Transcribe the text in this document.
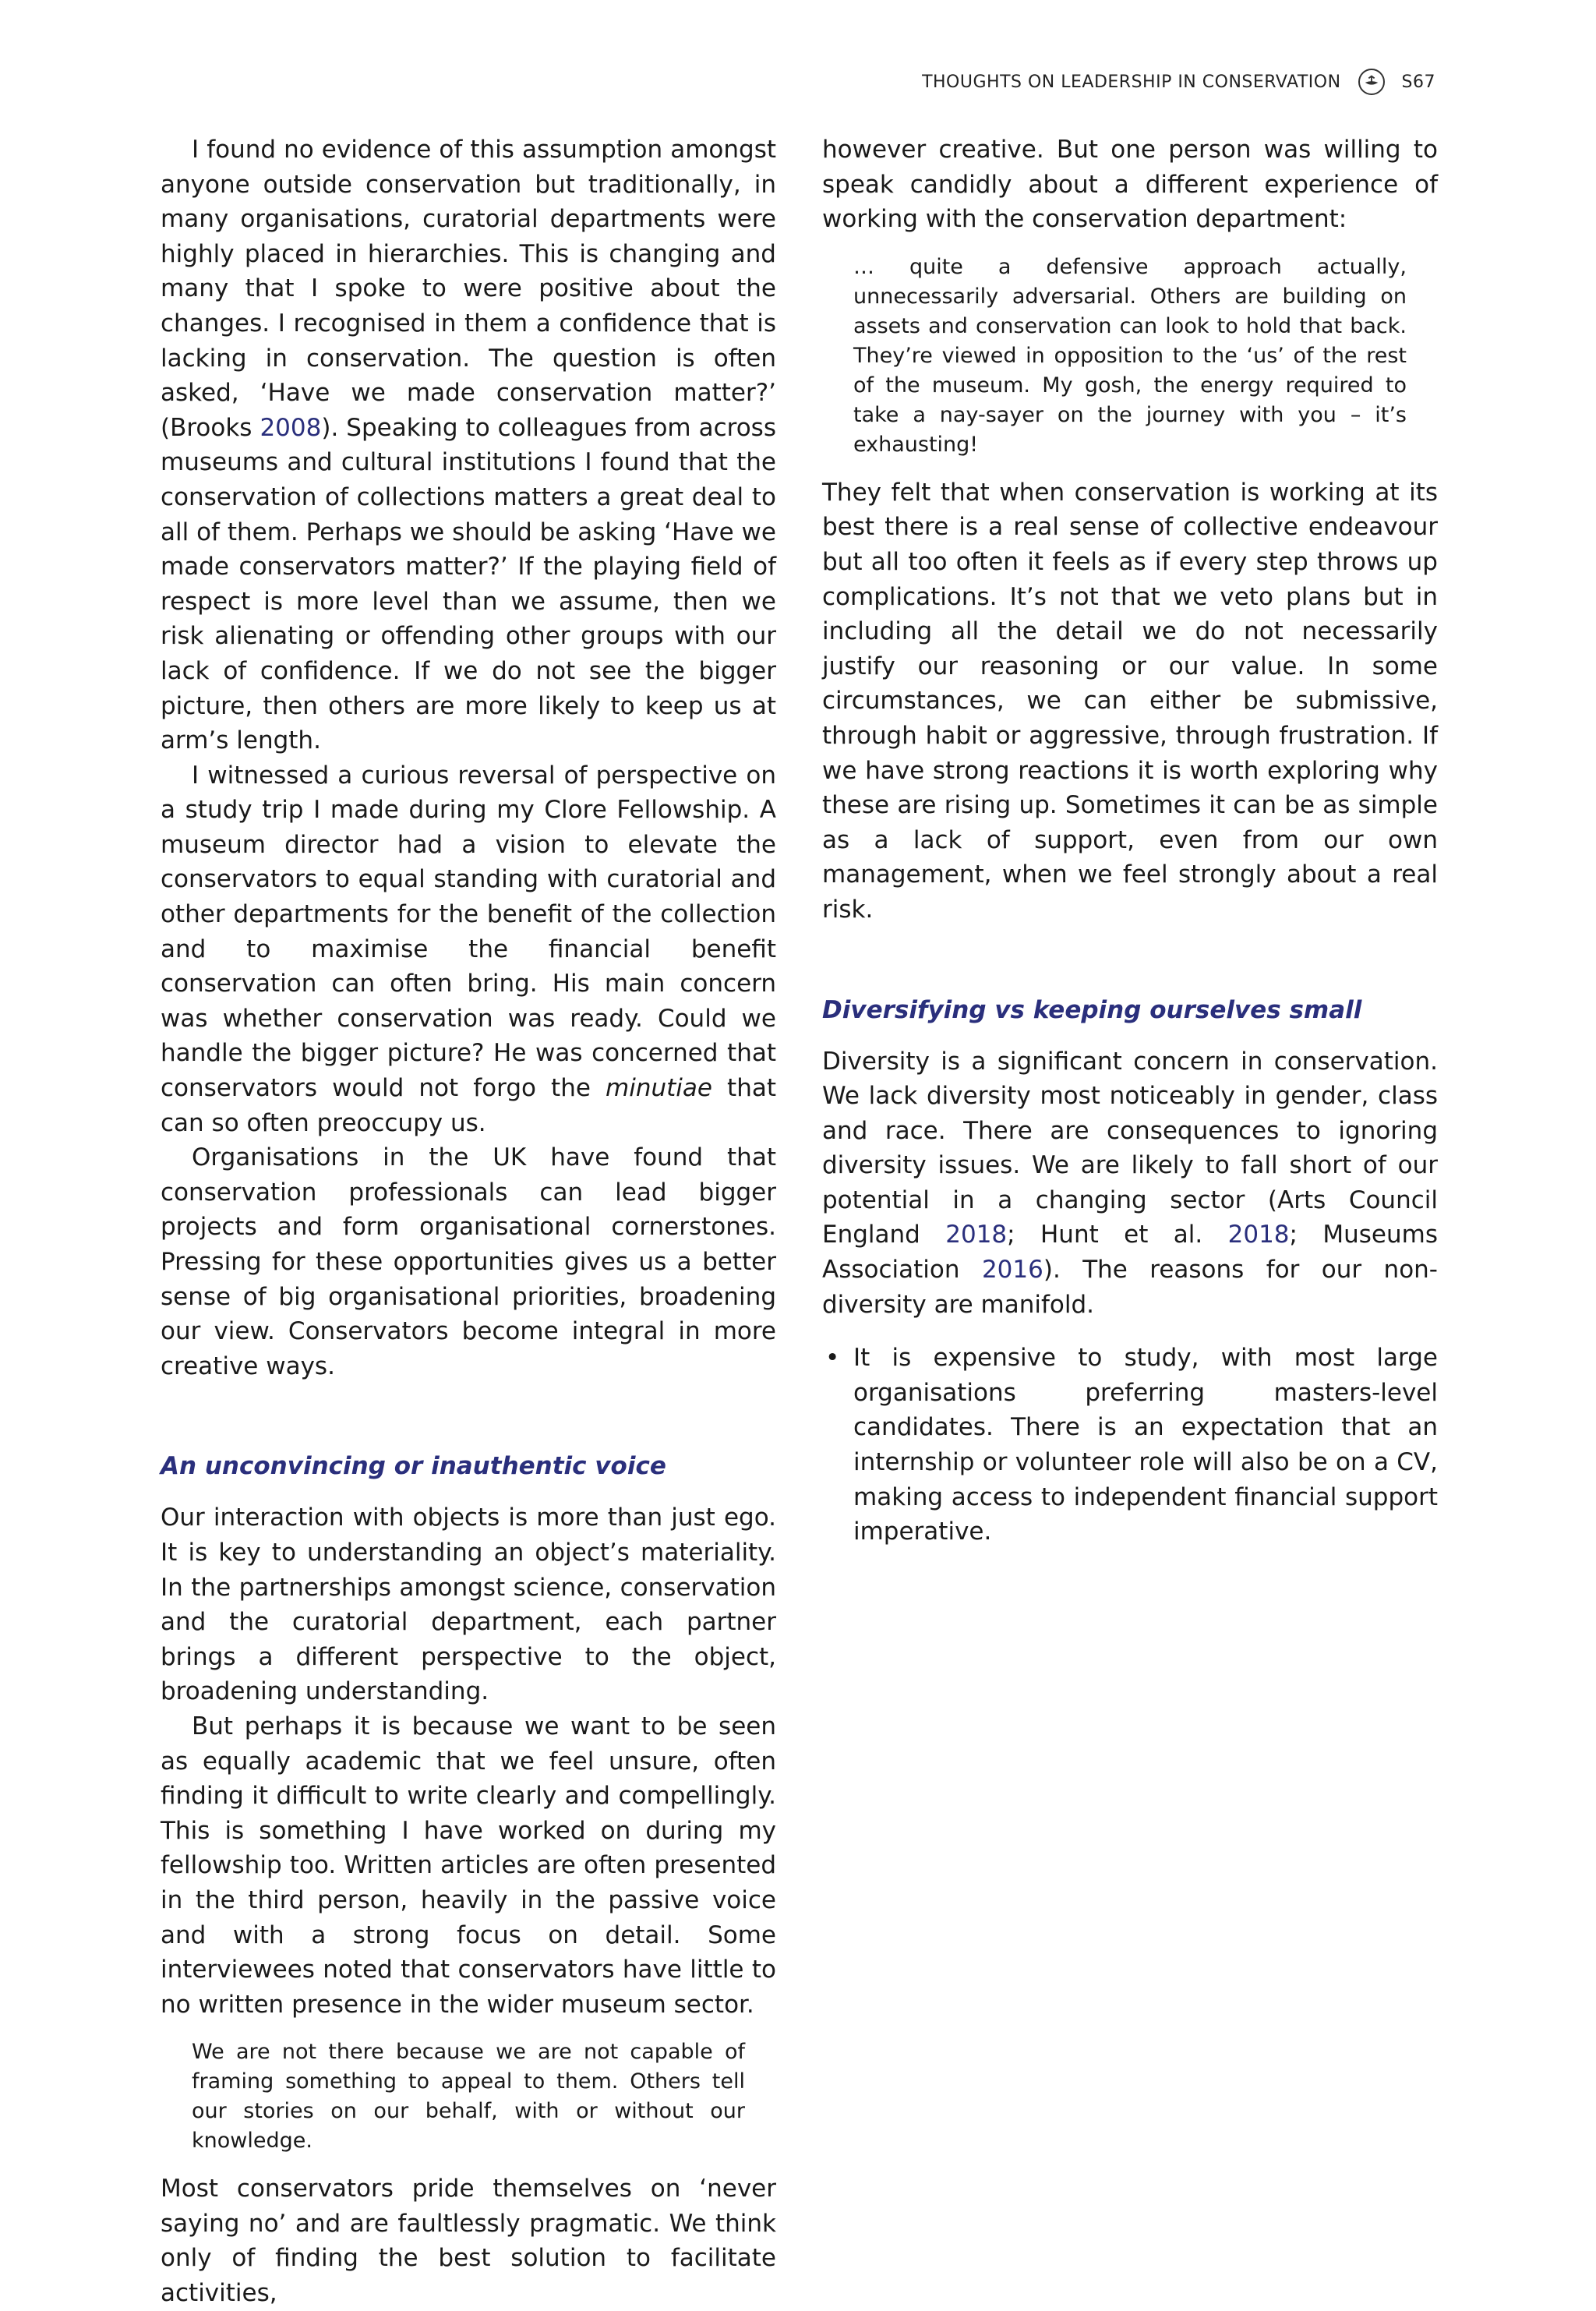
THOUGHTS ON LEADERSHIP IN CONSERVATION	S67

I found no evidence of this assumption amongst anyone outside conservation but traditionally, in many organisations, curatorial departments were highly placed in hierarchies. This is changing and many that I spoke to were positive about the changes. I recognised in them a confidence that is lacking in conservation. The question is often asked, ‘Have we made conservation matter?’ (Brooks 2008). Speaking to colleagues from across museums and cultural institutions I found that the conservation of collections matters a great deal to all of them. Perhaps we should be asking ‘Have we made conservators matter?’ If the playing field of respect is more level than we assume, then we risk alienating or offending other groups with our lack of confidence. If we do not see the bigger picture, then others are more likely to keep us at arm’s length.

I witnessed a curious reversal of perspective on a study trip I made during my Clore Fellowship. A museum director had a vision to elevate the conservators to equal standing with curatorial and other departments for the benefit of the collection and to maximise the financial benefit conservation can often bring. His main concern was whether conservation was ready. Could we handle the bigger picture? He was concerned that conservators would not forgo the minutiae that can so often preoccupy us.

Organisations in the UK have found that conservation professionals can lead bigger projects and form organisational cornerstones. Pressing for these opportunities gives us a better sense of big organisational priorities, broadening our view. Conservators become integral in more creative ways.

An unconvincing or inauthentic voice

Our interaction with objects is more than just ego. It is key to understanding an object’s materiality. In the partnerships amongst science, conservation and the curatorial department, each partner brings a different perspective to the object, broadening understanding.

But perhaps it is because we want to be seen as equally academic that we feel unsure, often finding it difficult to write clearly and compellingly. This is something I have worked on during my fellowship too. Written articles are often presented in the third person, heavily in the passive voice and with a strong focus on detail. Some interviewees noted that conservators have little to no written presence in the wider museum sector.

We are not there because we are not capable of framing something to appeal to them. Others tell our stories on our behalf, with or without our knowledge.

Most conservators pride themselves on ‘never saying no’ and are faultlessly pragmatic. We think only of finding the best solution to facilitate activities,

however creative. But one person was willing to speak candidly about a different experience of working with the conservation department:

… quite a defensive approach actually, unnecessarily adversarial. Others are building on assets and conservation can look to hold that back. They’re viewed in opposition to the ‘us’ of the rest of the museum. My gosh, the energy required to take a nay-sayer on the journey with you – it’s exhausting!

They felt that when conservation is working at its best there is a real sense of collective endeavour but all too often it feels as if every step throws up complications. It’s not that we veto plans but in including all the detail we do not necessarily justify our reasoning or our value. In some circumstances, we can either be submissive, through habit or aggressive, through frustration. If we have strong reactions it is worth exploring why these are rising up. Sometimes it can be as simple as a lack of support, even from our own management, when we feel strongly about a real risk.

Diversifying vs keeping ourselves small

Diversity is a significant concern in conservation. We lack diversity most noticeably in gender, class and race. There are consequences to ignoring diversity issues. We are likely to fall short of our potential in a changing sector (Arts Council England 2018; Hunt et al. 2018; Museums Association 2016). The reasons for our non-diversity are manifold.

• It is expensive to study, with most large organisations preferring masters-level candidates. There is an expectation that an internship or volunteer role will also be on a CV, making access to independent financial support imperative.
